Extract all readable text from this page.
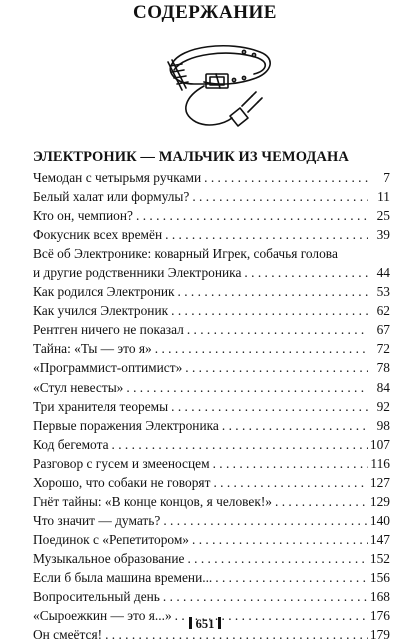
СОДЕРЖАНИЕ
ЭЛЕКТРОНИК — МАЛЬЧИК ИЗ ЧЕМОДАНА
Чемодан с четырьмя ручками . . .	7
Белый халат или формулы? . . .	11
Кто он, чемпион? . . .	25
Фокусник всех времён . . .	39
Всё об Электронике: коварный Игрек, собачья голова
и другие родственники Электроника . . .	44
Как родился Электроник . . .	53
Как учился Электроник . . .	62
Рентген ничего не показал . . .	67
Тайна: «Ты — это я» . . .	72
«Программист-оптимист» . . .	78
«Стул невесты» . . .	84
Три хранителя теоремы . . .	92
Первые поражения Электроника . . .	98
Код бегемота . . .	107
Разговор с гусем и змееносцем . . .	116
Хорошо, что собаки не говорят . . .	127
Гнёт тайны: «В конце концов, я человек!» . . .	129
Что значит — думать? . . .	140
Поединок с «Репетитором» . . .	147
Музыкальное образование . . .	152
Если б была машина времени... . . .	156
Вопросительный день . . .	168
«Сыроежкин — это я...» . . .	176
Он смеётся! . . .	179
651
